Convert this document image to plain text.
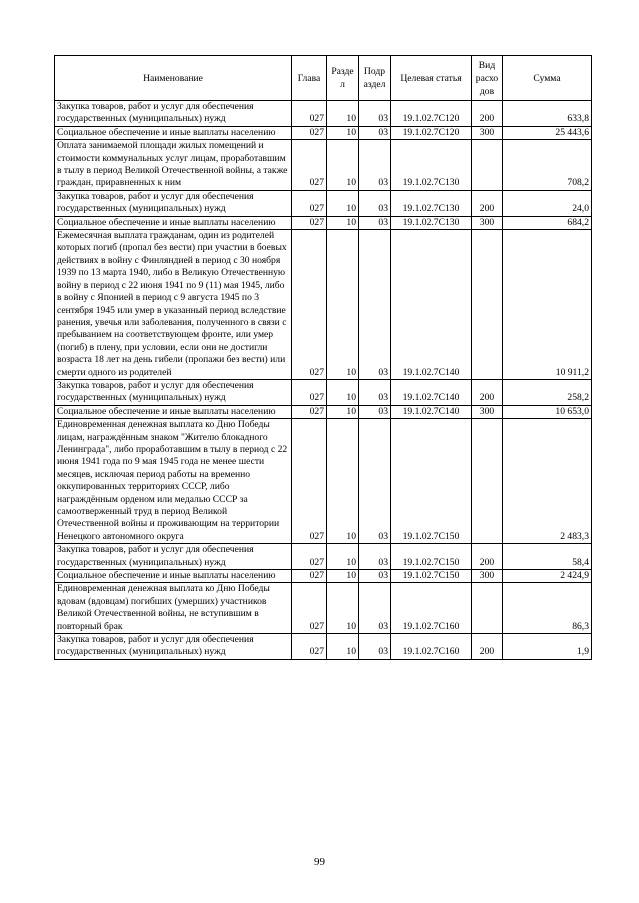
Наименование	Глава	Разде л	Подр аздел	Целевая статья	Вид расхо дов	Сумма
Закупка товаров, работ и услуг для обеспечения государственных (муниципальных) нужд	027	10	03	19.1.02.7С120	200	633,8
Социальное обеспечение и иные выплаты населению	027	10	03	19.1.02.7С120	300	25 443,6
Оплата занимаемой площади жилых помещений и стоимости коммунальных услуг лицам, проработавшим в тылу в период Великой Отечественной войны, а также граждан, приравненных к ним	027	10	03	19.1.02.7С130		708,2
Закупка товаров, работ и услуг для обеспечения государственных (муниципальных) нужд	027	10	03	19.1.02.7С130	200	24,0
Социальное обеспечение и иные выплаты населению	027	10	03	19.1.02.7С130	300	684,2
Ежемесячная выплата гражданам, один из родителей которых погиб (пропал без вести) при участии в боевых действиях в войну с Финляндией в период с 30 ноября 1939 по 13 марта 1940, либо в Великую Отечественную войну в период с 22 июня 1941 по 9 (11) мая 1945, либо в войну с Японией в период с 9 августа 1945 по 3 сентября 1945 или умер в указанный период вследствие ранения, увечья или заболевания, полученного в связи с пребыванием на соответствующем фронте, или умер (погиб) в плену, при условии, если они не достигли возраста 18 лет на день гибели (пропажи без вести) или смерти одного из родителей	027	10	03	19.1.02.7С140		10 911,2
Закупка товаров, работ и услуг для обеспечения государственных (муниципальных) нужд	027	10	03	19.1.02.7С140	200	258,2
Социальное обеспечение и иные выплаты населению	027	10	03	19.1.02.7С140	300	10 653,0
Единовременная денежная выплата ко Дню Победы лицам, награждённым знаком "Жителю блокадного Ленинграда", либо проработавшим в тылу в период с 22 июня 1941 года по 9 мая 1945 года не менее шести месяцев, исключая период работы на временно оккупированных территориях СССР, либо награждённым орденом или медалью СССР за самоотверженный труд в период Великой Отечественной войны и проживающим на территории Ненецкого автономного округа	027	10	03	19.1.02.7С150		2 483,3
Закупка товаров, работ и услуг для обеспечения государственных (муниципальных) нужд	027	10	03	19.1.02.7С150	200	58,4
Социальное обеспечение и иные выплаты населению	027	10	03	19.1.02.7С150	300	2 424,9
Единовременная денежная выплата ко Дню Победы вдовам (вдовцам) погибших (умерших) участников Великой Отечественной войны, не вступившим в повторный брак	027	10	03	19.1.02.7С160		86,3
Закупка товаров, работ и услуг для обеспечения государственных (муниципальных) нужд	027	10	03	19.1.02.7С160	200	1,9
99
